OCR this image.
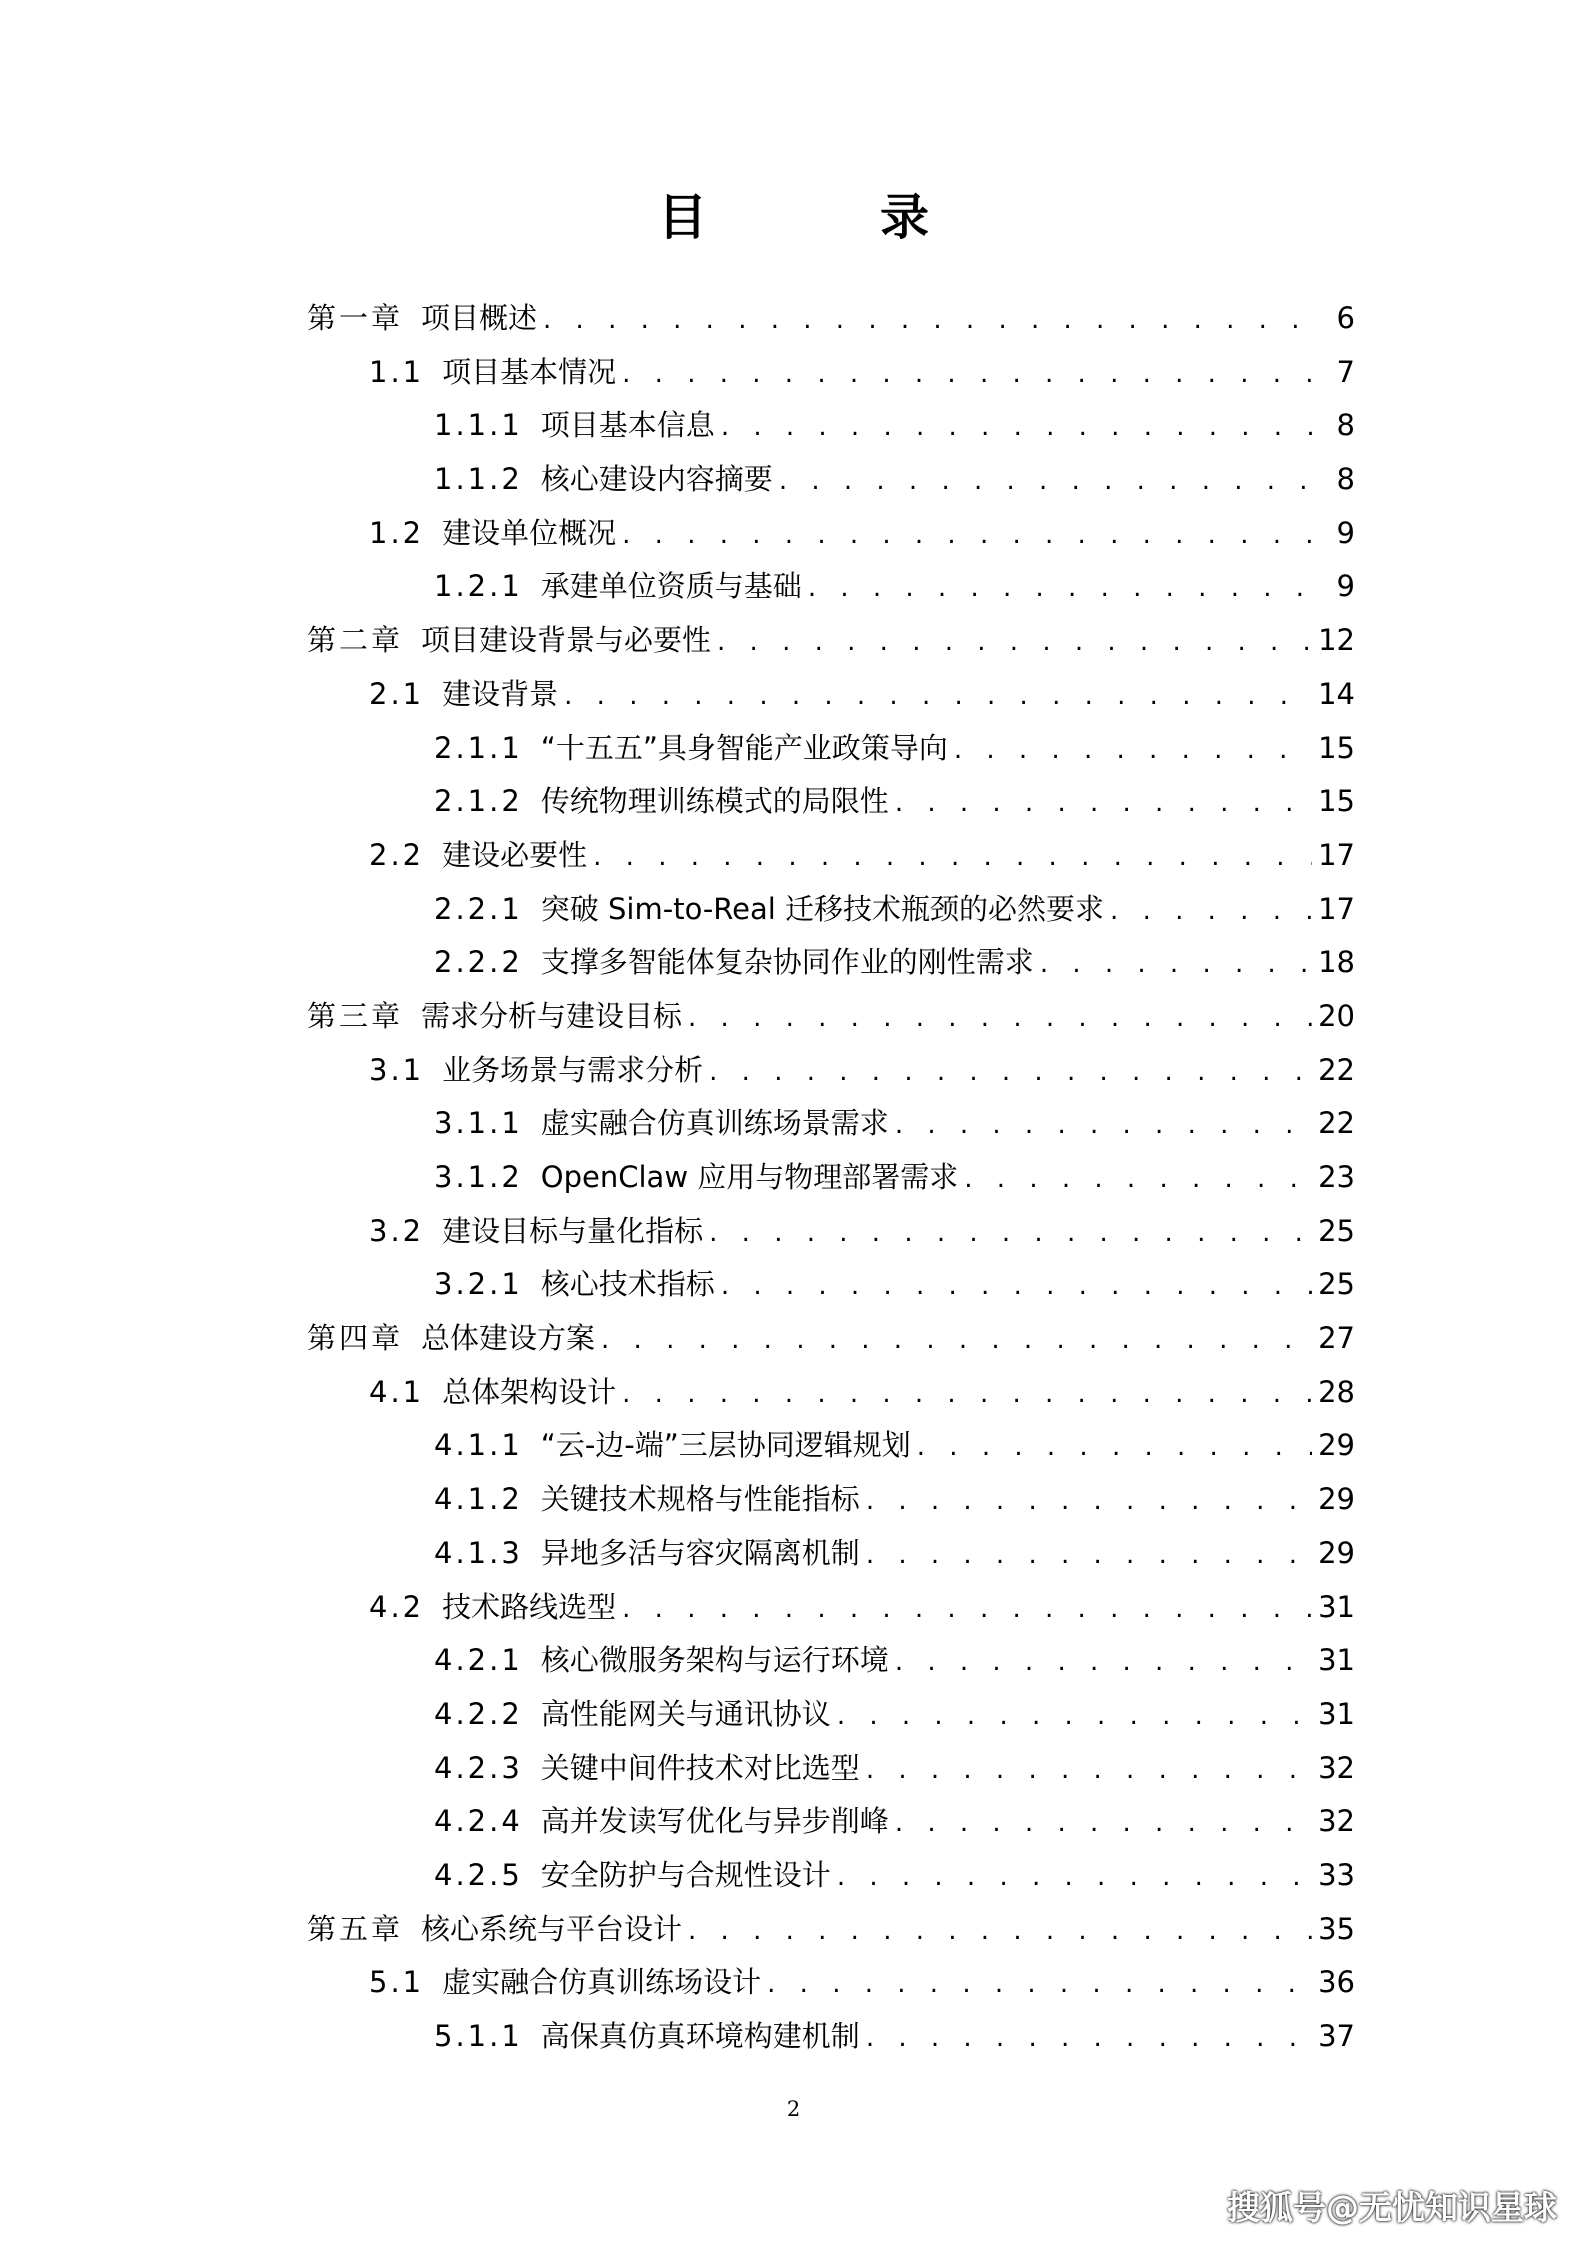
目　录
第一章 项目概述 . . .	6
1.1 项目基本情况 . . .	7
1.1.1 项目基本信息 . . .	8
1.1.2 核心建设内容摘要 . . .	8
1.2 建设单位概况 . . .	9
1.2.1 承建单位资质与基础 . . .	9
第二章 项目建设背景与必要性 . . .	12
2.1 建设背景 . . .	14
2.1.1 “十五五”具身智能产业政策导向 . . .	15
2.1.2 传统物理训练模式的局限性 . . .	15
2.2 建设必要性 . . .	17
2.2.1 突破 Sim-to-Real 迁移技术瓶颈的必然要求 . . .	17
2.2.2 支撑多智能体复杂协同作业的刚性需求 . . .	18
第三章 需求分析与建设目标 . . .	20
3.1 业务场景与需求分析 . . .	22
3.1.1 虚实融合仿真训练场景需求 . . .	22
3.1.2 OpenClaw 应用与物理部署需求 . . .	23
3.2 建设目标与量化指标 . . .	25
3.2.1 核心技术指标 . . .	25
第四章 总体建设方案 . . .	27
4.1 总体架构设计 . . .	28
4.1.1 “云-边-端”三层协同逻辑规划 . . .	29
4.1.2 关键技术规格与性能指标 . . .	29
4.1.3 异地多活与容灾隔离机制 . . .	29
4.2 技术路线选型 . . .	31
4.2.1 核心微服务架构与运行环境 . . .	31
4.2.2 高性能网关与通讯协议 . . .	31
4.2.3 关键中间件技术对比选型 . . .	32
4.2.4 高并发读写优化与异步削峰 . . .	32
4.2.5 安全防护与合规性设计 . . .	33
第五章 核心系统与平台设计 . . .	35
5.1 虚实融合仿真训练场设计 . . .	36
5.1.1 高保真仿真环境构建机制 . . .	37
2
搜狐号@无忧知识星球
